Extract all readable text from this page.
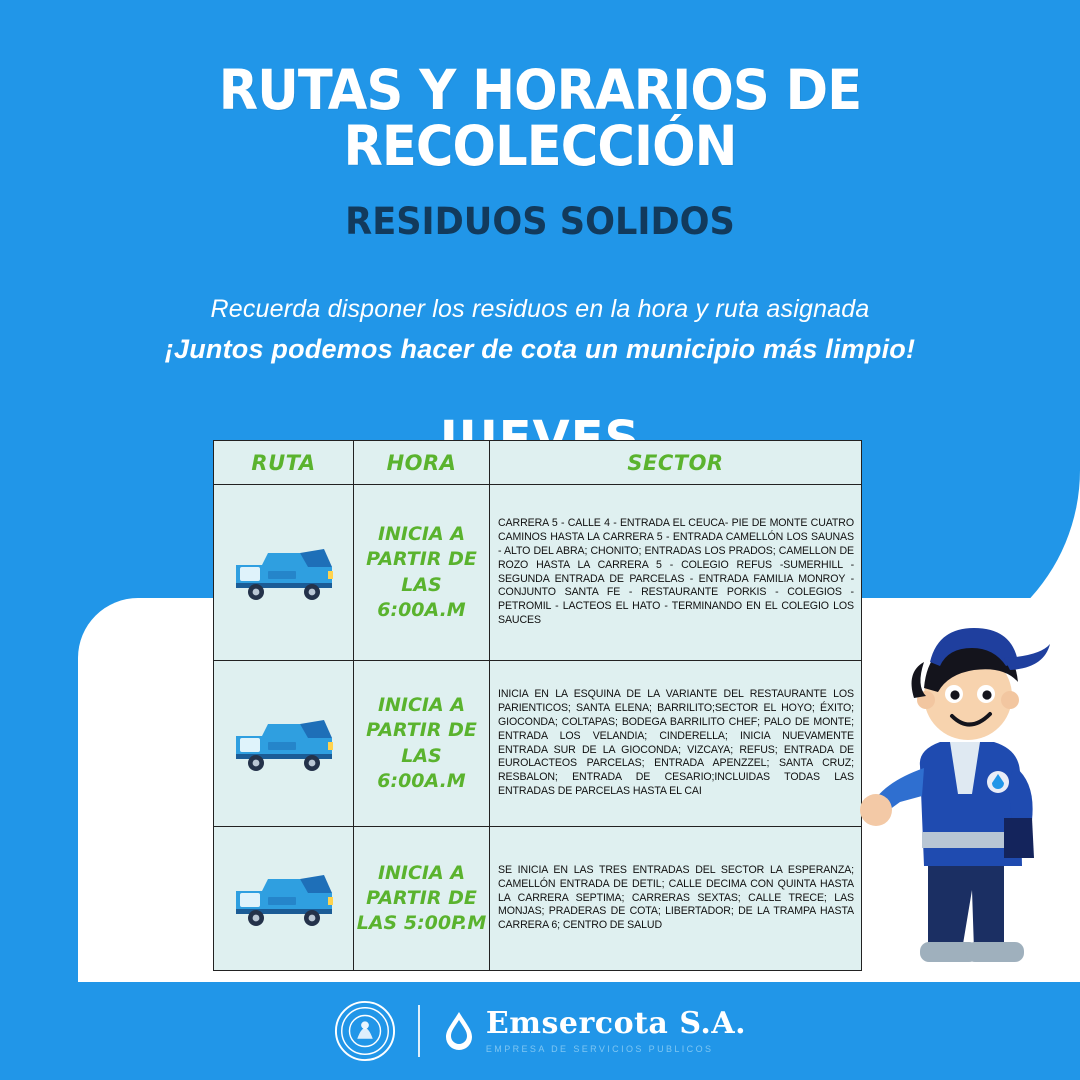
RUTAS Y HORARIOS DE RECOLECCIÓN
RESIDUOS SOLIDOS
Recuerda disponer los residuos en la hora y ruta asignada
¡Juntos podemos hacer de cota un municipio más limpio!
RUTA	HORA	SECTOR

	INICIA A PARTIR DE LAS 6:00A.M	CARRERA 5 - CALLE 4 - ENTRADA EL CEUCA- PIE DE MONTE CUATRO CAMINOS HASTA LA CARRERA 5 - ENTRADA CAMELLÓN LOS SAUNAS - ALTO DEL ABRA; CHONITO; ENTRADAS LOS PRADOS; CAMELLON DE ROZO HASTA LA CARRERA 5 - COLEGIO REFUS -SUMERHILL -SEGUNDA ENTRADA DE PARCELAS - ENTRADA FAMILIA MONROY -CONJUNTO SANTA FE - RESTAURANTE PORKIS - COLEGIOS - PETROMIL - LACTEOS EL HATO - TERMINANDO EN EL COLEGIO LOS SAUCES

	INICIA A PARTIR DE LAS 6:00A.M	INICIA EN LA ESQUINA DE LA VARIANTE DEL RESTAURANTE LOS PARIENTICOS; SANTA ELENA; BARRILITO;SECTOR EL HOYO; ÉXITO; GIOCONDA; COLTAPAS; BODEGA BARRILITO CHEF; PALO DE MONTE; ENTRADA LOS VELANDIA; CINDERELLA; INICIA NUEVAMENTE ENTRADA SUR DE LA GIOCONDA; VIZCAYA; REFUS; ENTRADA DE EUROLACTEOS PARCELAS; ENTRADA APENZZEL; SANTA CRUZ; RESBALON; ENTRADA DE CESARIO;INCLUIDAS TODAS LAS ENTRADAS DE PARCELAS HASTA EL CAI

	INICIA A PARTIR DE LAS 5:00P.M	SE INICIA EN LAS TRES ENTRADAS DEL SECTOR LA ESPERANZA; CAMELLÓN ENTRADA DE DETIL; CALLE DECIMA CON QUINTA HASTA LA CARRERA SEPTIMA; CARRERAS SEXTAS; CALLE TRECE; LAS MONJAS; PRADERAS DE COTA; LIBERTADOR; DE LA TRAMPA HASTA CARRERA 6; CENTRO DE SALUD
Emsercota S.A.
EMPRESA DE SERVICIOS PUBLICOS
